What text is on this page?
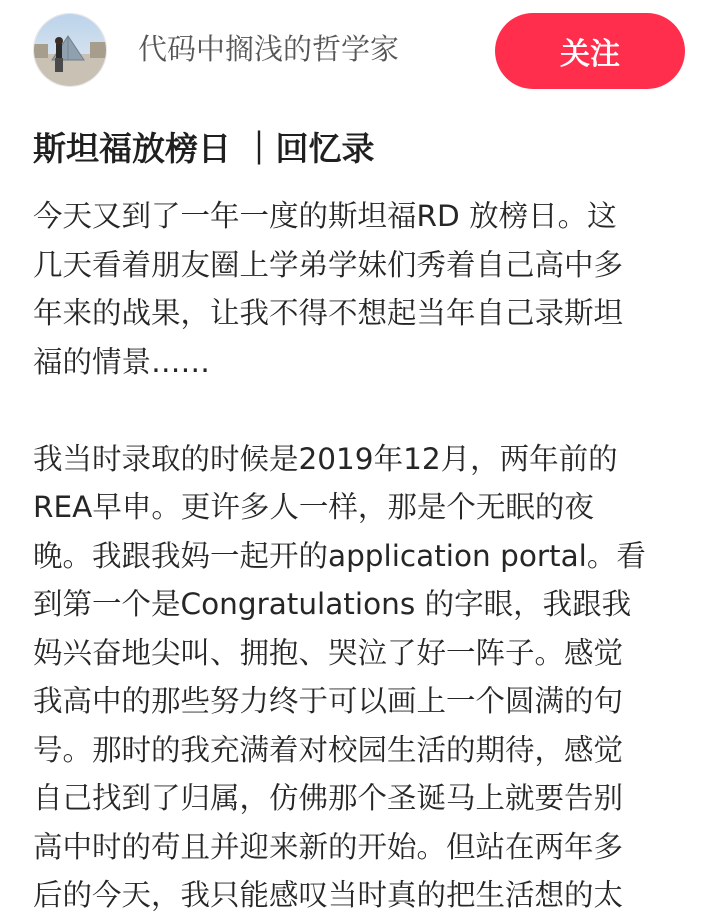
代码中搁浅的哲学家	关注
斯坦福放榜日 ｜回忆录
今天又到了一年一度的斯坦福RD 放榜日。这
几天看着朋友圈上学弟学妹们秀着自己高中多
年来的战果，让我不得不想起当年自己录斯坦
福的情景……
我当时录取的时候是2019年12月，两年前的
REA早申。更许多人一样，那是个无眠的夜
晚。我跟我妈一起开的application portal。看
到第一个是Congratulations 的字眼，我跟我
妈兴奋地尖叫、拥抱、哭泣了好一阵子。感觉
我高中的那些努力终于可以画上一个圆满的句
号。那时的我充满着对校园生活的期待，感觉
自己找到了归属，仿佛那个圣诞马上就要告别
高中时的苟且并迎来新的开始。但站在两年多
后的今天，我只能感叹当时真的把生活想的太
